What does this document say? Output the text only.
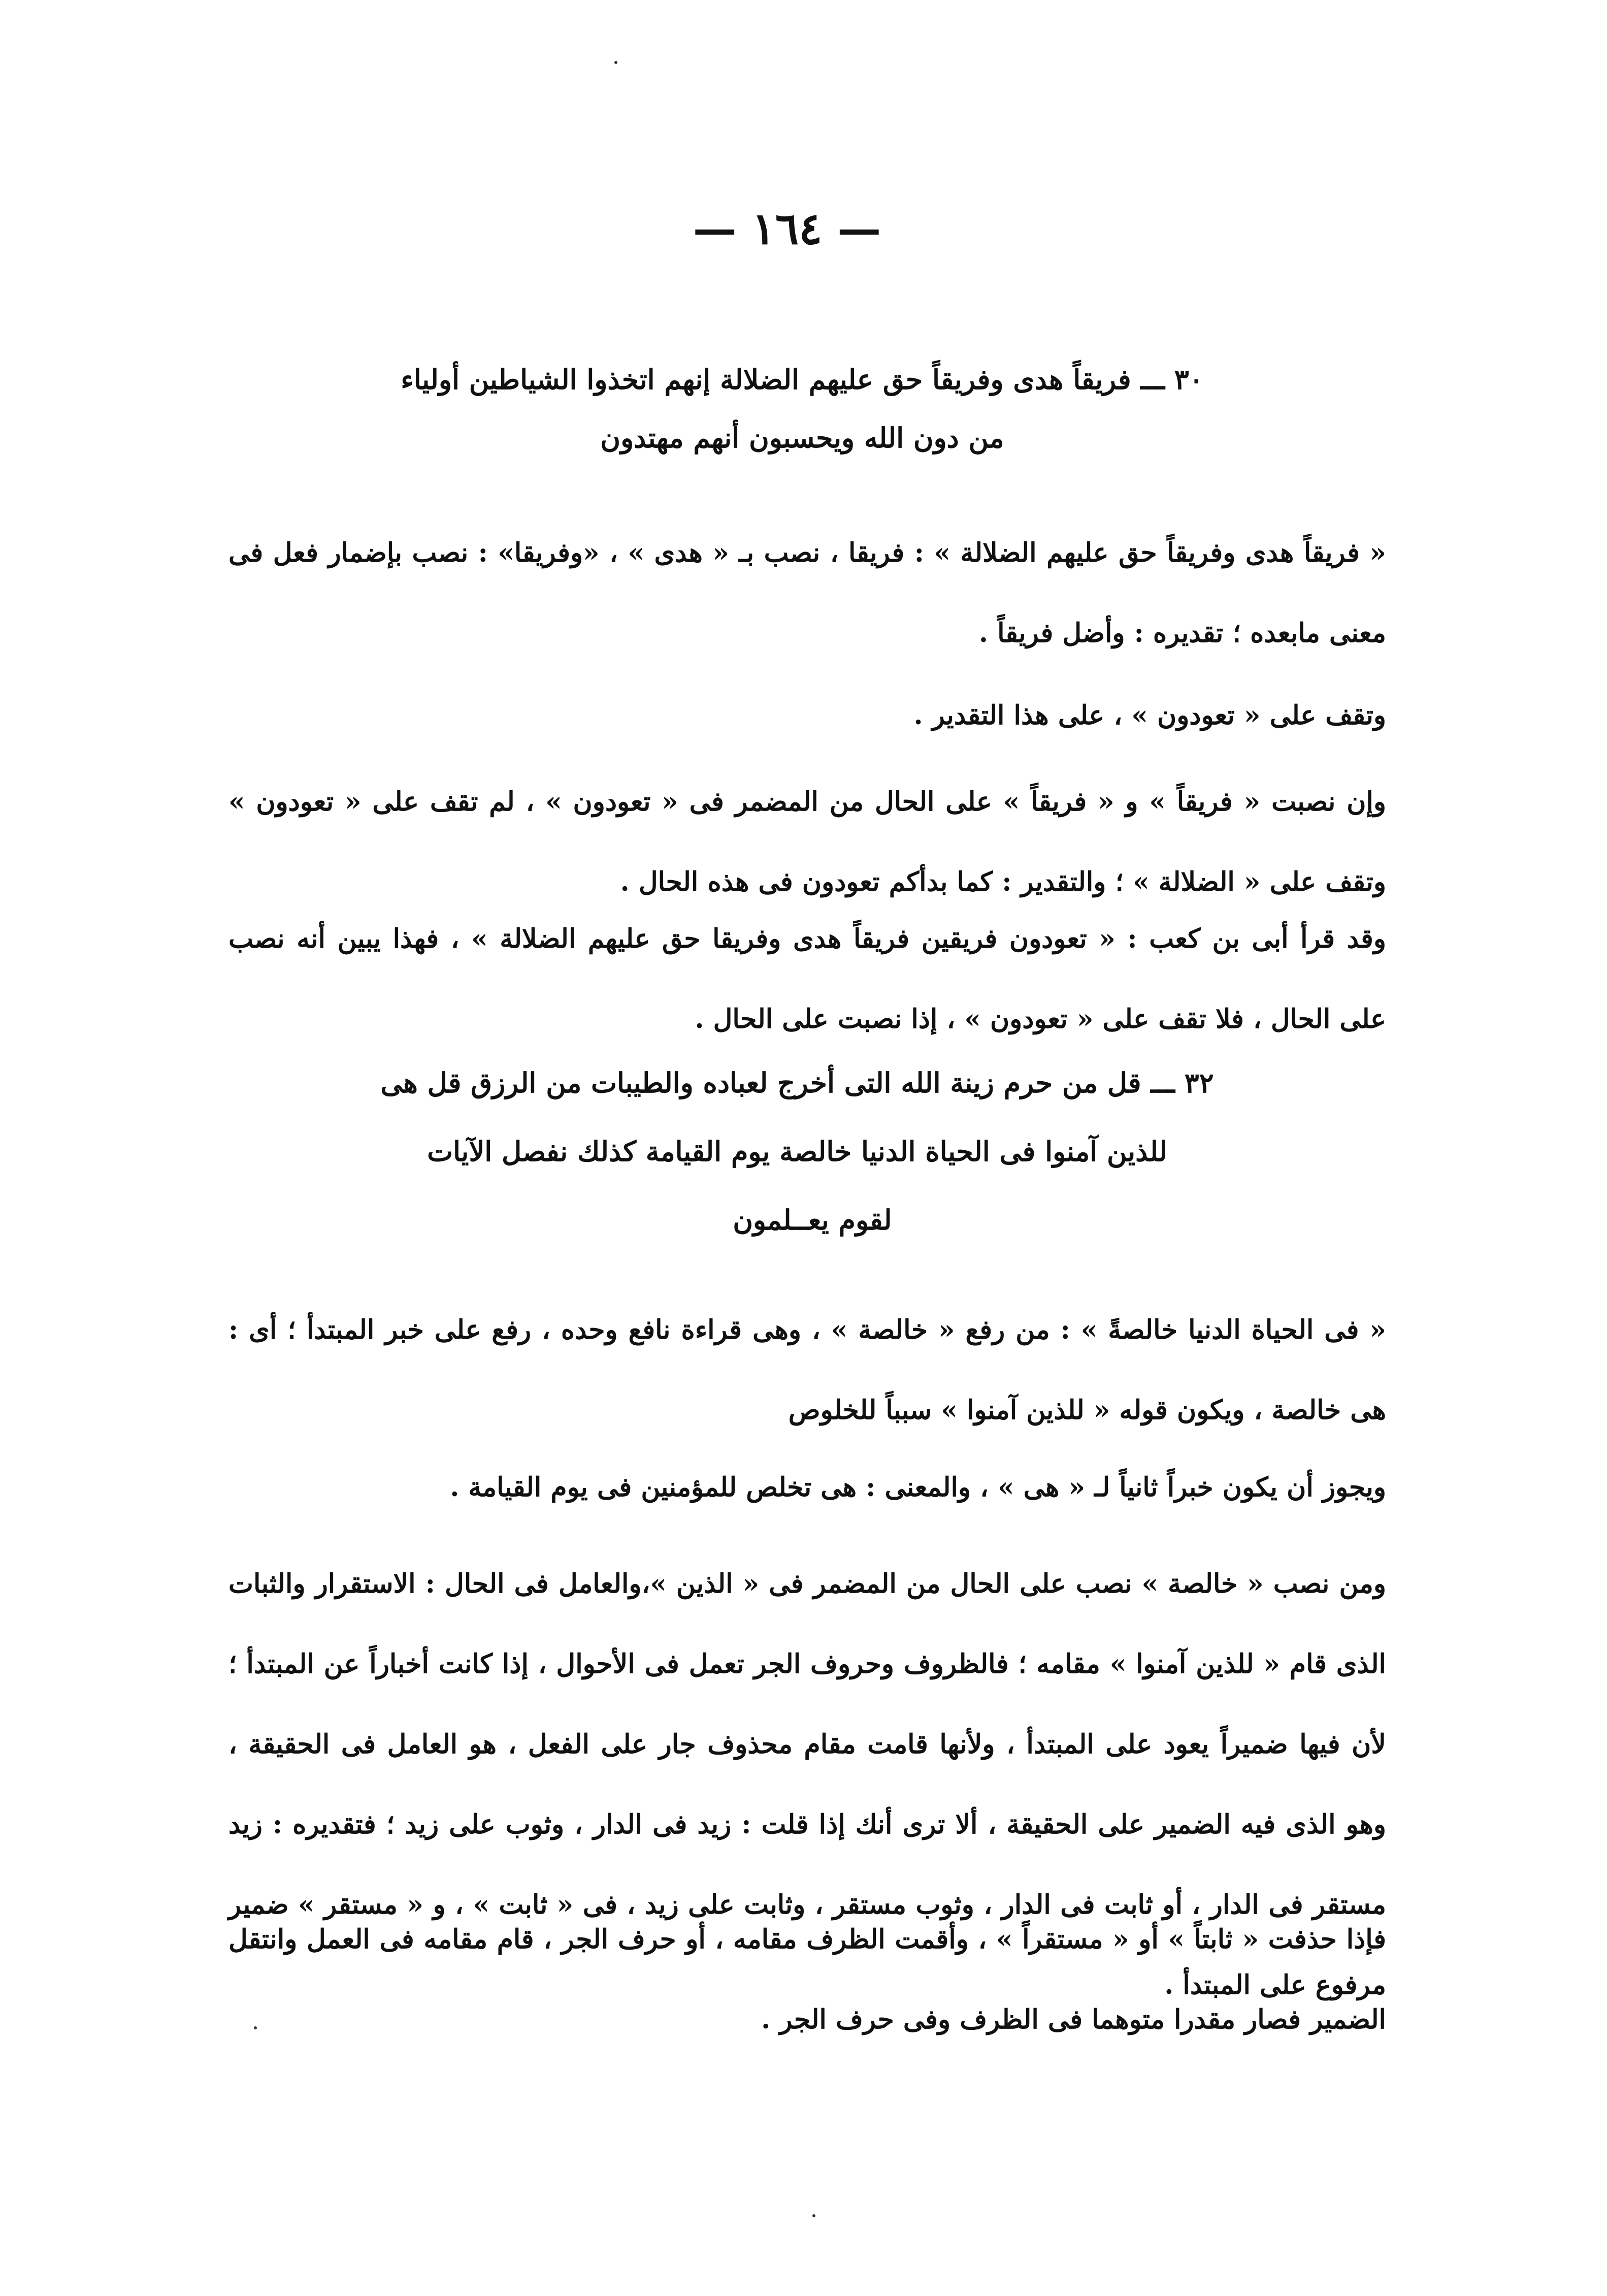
— ١٦٤ —
٣٠ ـــ فريقاً هدى وفريقاً حق عليهم الضلالة إنهم اتخذوا الشياطين أولياء
من دون الله ويحسبون أنهم مهتدون

« فريقاً هدى وفريقاً حق عليهم الضلالة » : فريقا ، نصب بـ « هدى » ، «وفريقا» : نصب بإضمار فعل فى معنى مابعده ؛ تقديره : وأضل فريقاً .

وتقف على « تعودون » ، على هذا التقدير .

وإن نصبت « فريقاً » و « فريقاً » على الحال من المضمر فى « تعودون » ، لم تقف على « تعودون » وتقف على « الضلالة » ؛ والتقدير : كما بدأكم تعودون فى هذه الحال .

وقد قرأ أبى بن كعب : « تعودون فريقين فريقاً هدى وفريقا حق عليهم الضلالة » ، فهذا يبين أنه نصب على الحال ، فلا تقف على « تعودون » ، إذا نصبت على الحال .

٣٢ ـــ قل من حرم زينة الله التى أخرج لعباده والطيبات من الرزق قل هى
للذين آمنوا فى الحياة الدنيا خالصة يوم القيامة كذلك نفصل الآيات
لقوم يعــلمون

« فى الحياة الدنيا خالصةً » : من رفع « خالصة » ، وهى قراءة نافع وحده ، رفع على خبر المبتدأ ؛ أى : هى خالصة ، ويكون قوله « للذين آمنوا » سبباً للخلوص

ويجوز أن يكون خبراً ثانياً لـ « هى » ، والمعنى : هى تخلص للمؤمنين فى يوم القيامة .

ومن نصب « خالصة » نصب على الحال من المضمر فى « الذين »،والعامل فى الحال : الاستقرار والثبات الذى قام « للذين آمنوا » مقامه ؛ فالظروف وحروف الجر تعمل فى الأحوال ، إذا كانت أخباراً عن المبتدأ ؛ لأن فيها ضميراً يعود على المبتدأ ، ولأنها قامت مقام محذوف جار على الفعل ، هو العامل فى الحقيقة ، وهو الذى فيه الضمير على الحقيقة ، ألا ترى أنك إذا قلت : زيد فى الدار ، وثوب على زيد ؛ فتقديره : زيد مستقر فى الدار ، أو ثابت فى الدار ، وثوب مستقر ، وثابت على زيد ، فى « ثابت » ، و « مستقر » ضمير مرفوع على المبتدأ .

فإذا حذفت « ثابتاً » أو « مستقراً » ، وأقمت الظرف مقامه ، أو حرف الجر ، قام مقامه فى العمل وانتقل الضمير فصار مقدرا متوهما فى الظرف وفى حرف الجر .
